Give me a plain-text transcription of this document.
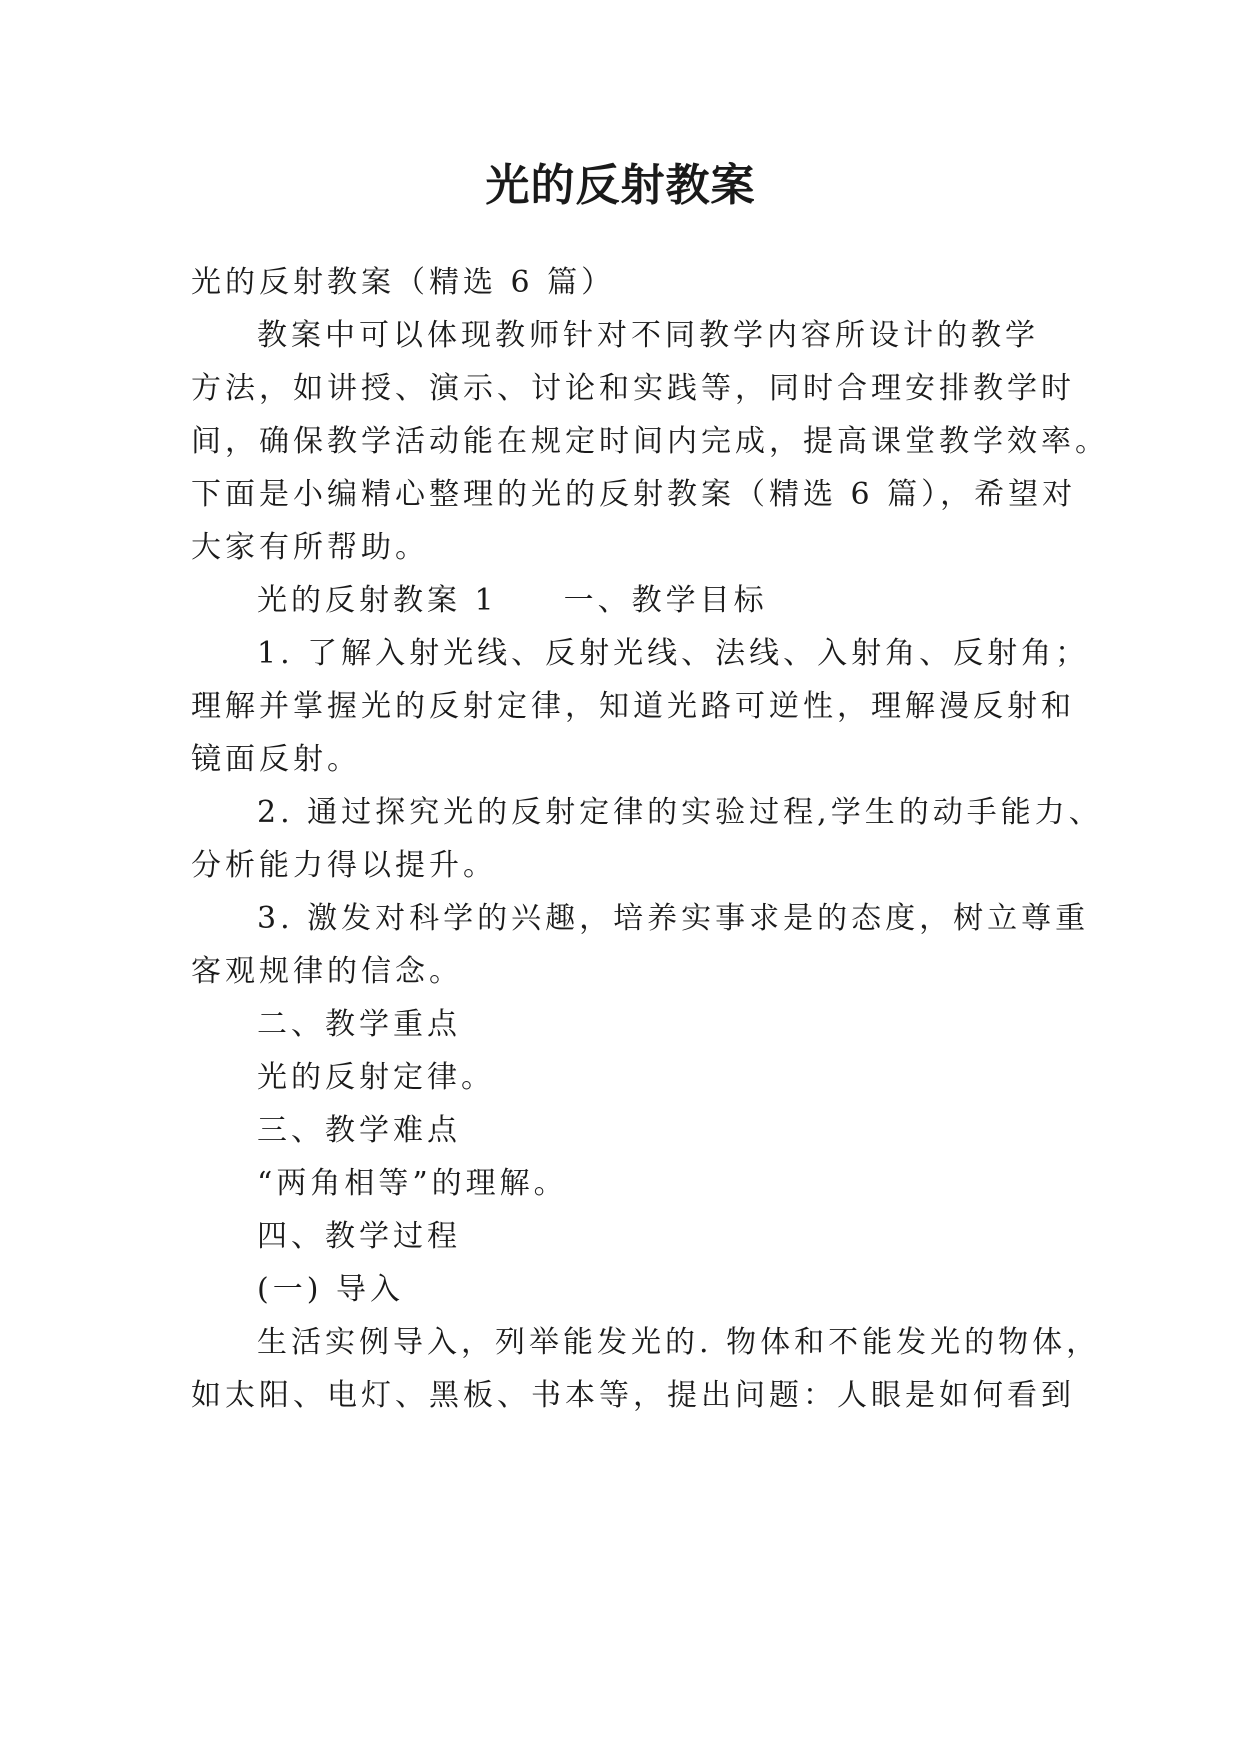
光的反射教案
光的反射教案（精选 6 篇）
教案中可以体现教师针对不同教学内容所设计的教学
方法，如讲授、演示、讨论和实践等，同时合理安排教学时
间，确保教学活动能在规定时间内完成，提高课堂教学效率。
下面是小编精心整理的光的反射教案（精选 6 篇），希望对
大家有所帮助。
光的反射教案 1 一、教学目标
1. 了解入射光线、反射光线、法线、入射角、反射角；
理解并掌握光的反射定律，知道光路可逆性，理解漫反射和
镜面反射。
2. 通过探究光的反射定律的实验过程,学生的动手能力、
分析能力得以提升。
3. 激发对科学的兴趣，培养实事求是的态度，树立尊重
客观规律的信念。
二、教学重点
光的反射定律。
三、教学难点
“两角相等”的理解。
四、教学过程
(一) 导入
生活实例导入，列举能发光的. 物体和不能发光的物体，
如太阳、电灯、黑板、书本等，提出问题：人眼是如何看到
